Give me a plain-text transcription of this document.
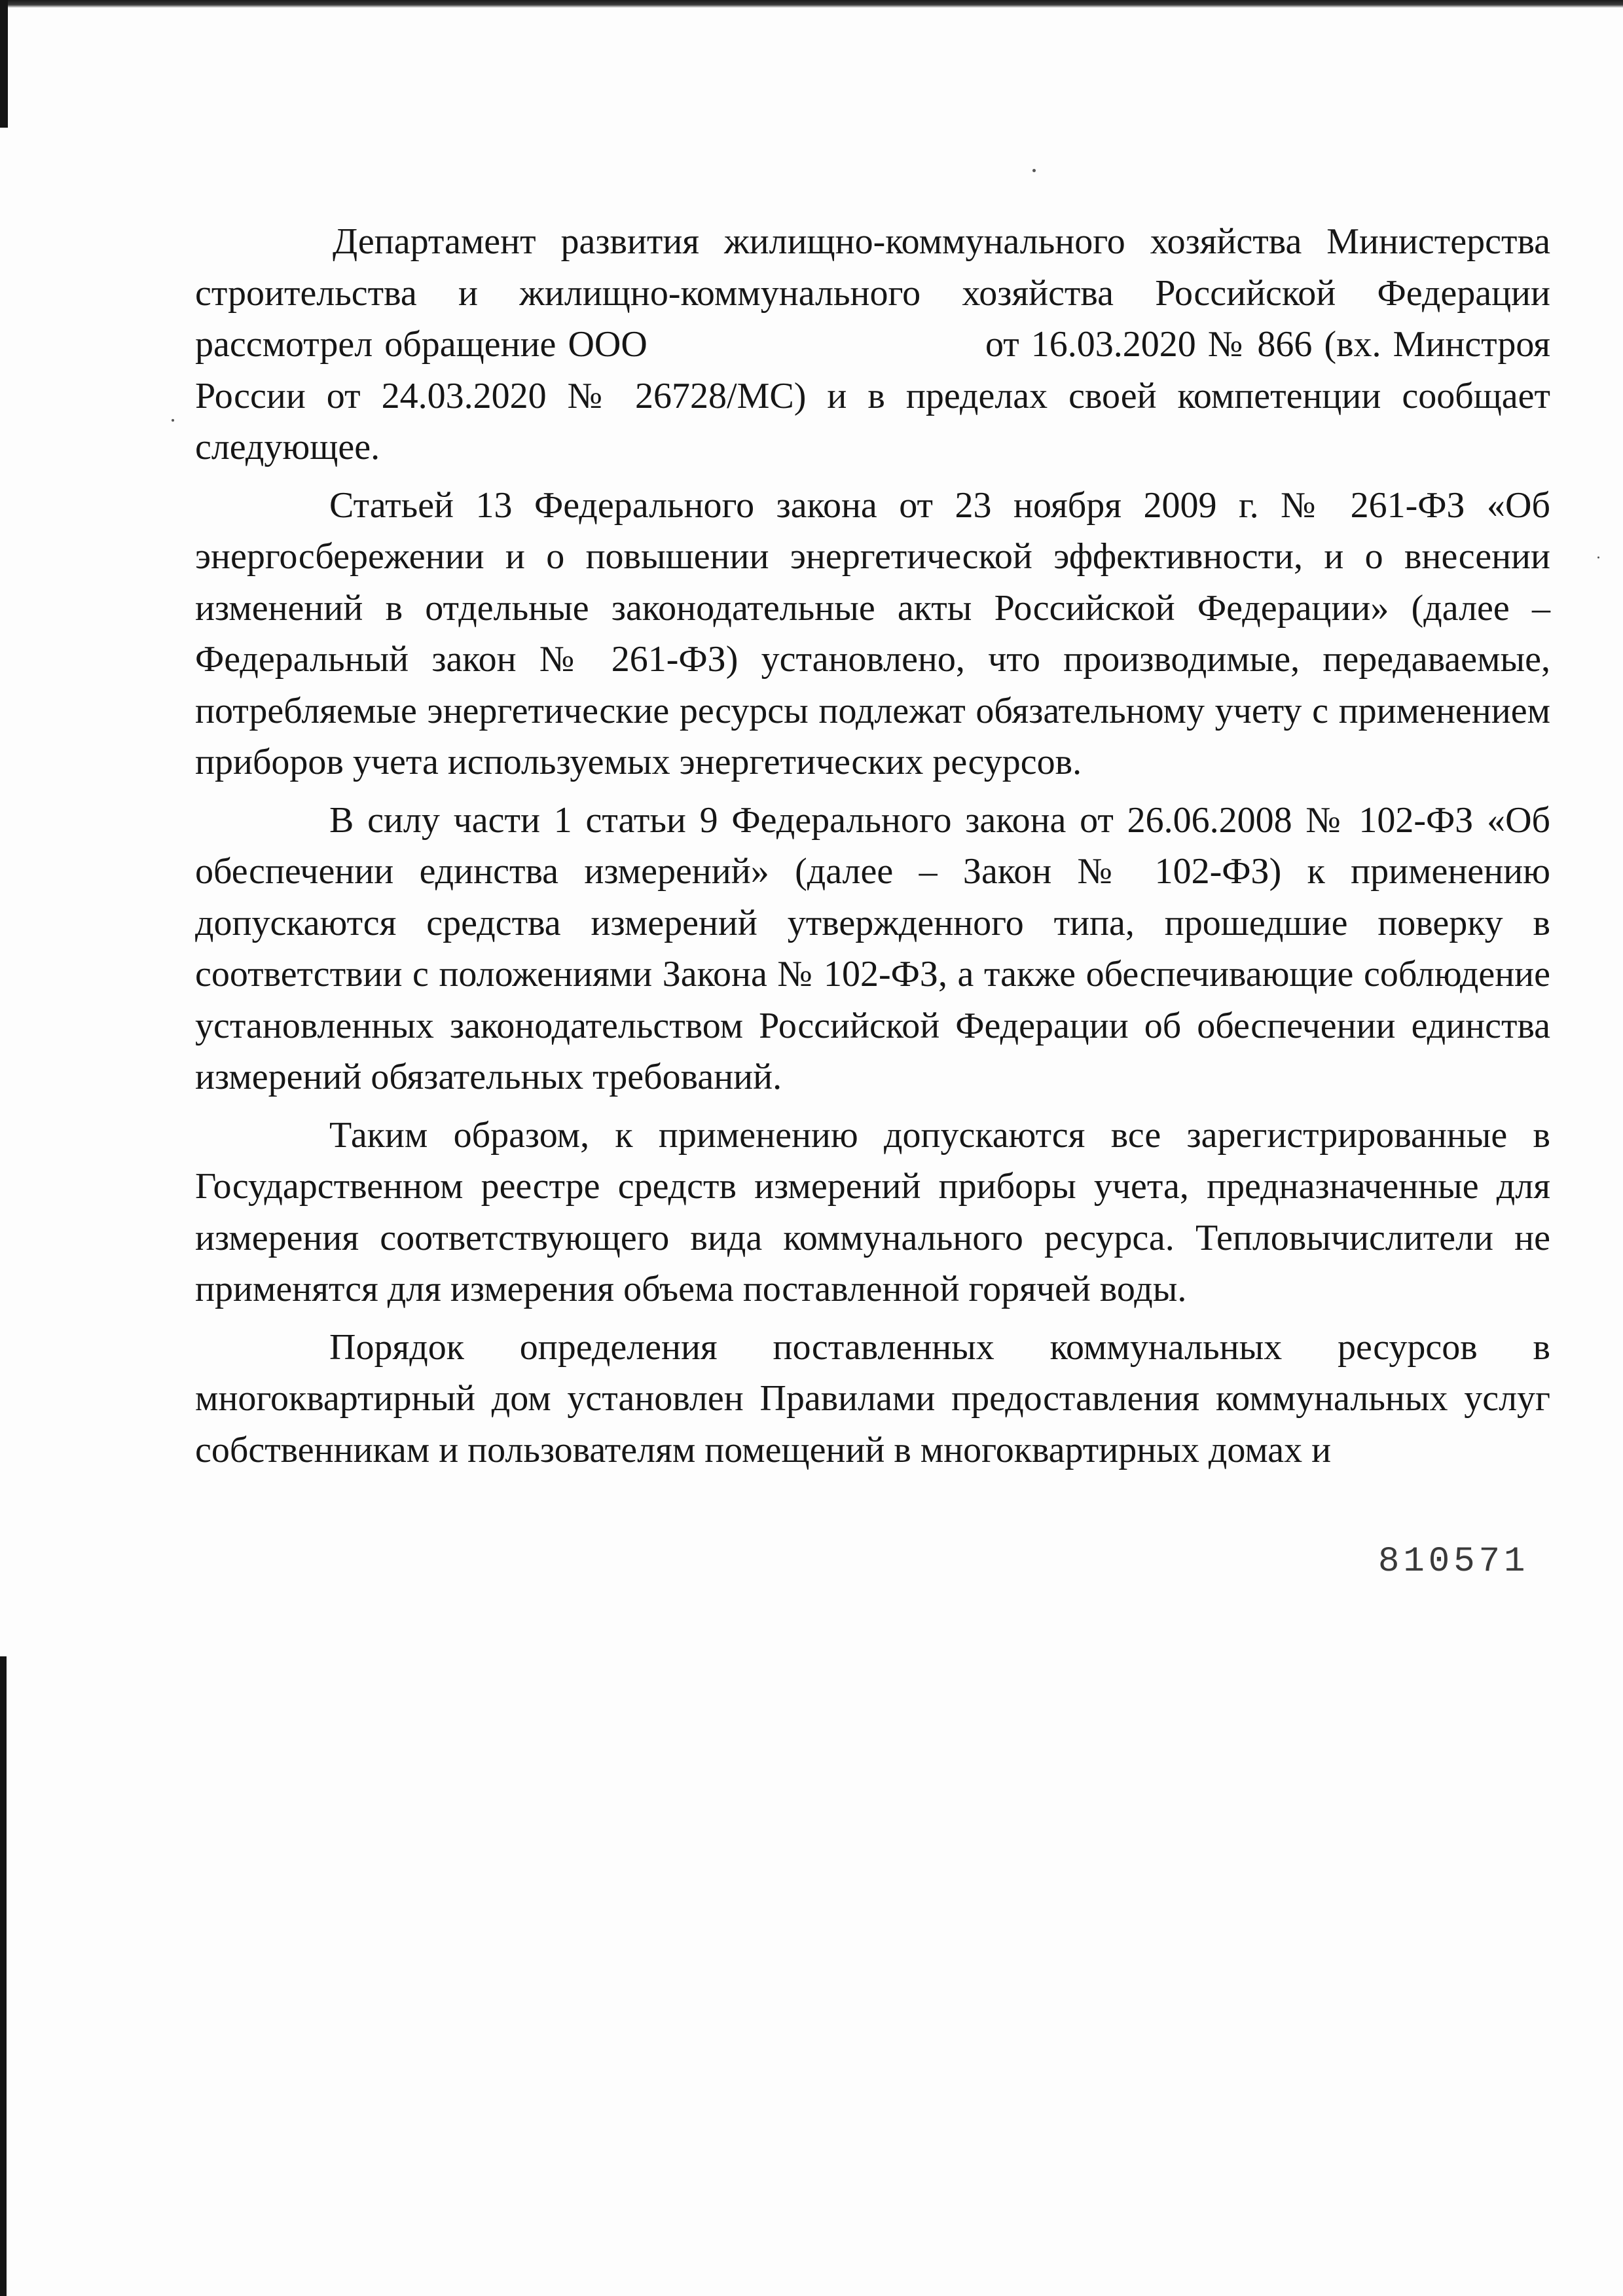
Департамент развития жилищно-коммунального хозяйства Министерства строительства и жилищно-коммунального хозяйства Российской Федерации рассмотрел обращение ООО	от 16.03.2020 № 866 (вх. Минстроя России от 24.03.2020 № 26728/МС) и в пределах своей компетенции сообщает следующее.

Статьей 13 Федерального закона от 23 ноября 2009 г. № 261-ФЗ «Об энергосбережении и о повышении энергетической эффективности, и о внесении изменений в отдельные законодательные акты Российской Федерации» (далее – Федеральный закон № 261-ФЗ) установлено, что производимые, передаваемые, потребляемые энергетические ресурсы подлежат обязательному учету с применением приборов учета используемых энергетических ресурсов.

В силу части 1 статьи 9 Федерального закона от 26.06.2008 № 102-ФЗ «Об обеспечении единства измерений» (далее – Закон № 102-ФЗ) к применению допускаются средства измерений утвержденного типа, прошедшие поверку в соответствии с положениями Закона № 102-ФЗ, а также обеспечивающие соблюдение установленных законодательством Российской Федерации об обеспечении единства измерений обязательных требований.

Таким образом, к применению допускаются все зарегистрированные в Государственном реестре средств измерений приборы учета, предназначенные для измерения соответствующего вида коммунального ресурса. Тепловычислители не применятся для измерения объема поставленной горячей воды.

Порядок определения поставленных коммунальных ресурсов в многоквартирный дом установлен Правилами предоставления коммунальных услуг собственникам и пользователям помещений в многоквартирных домах и

810571
